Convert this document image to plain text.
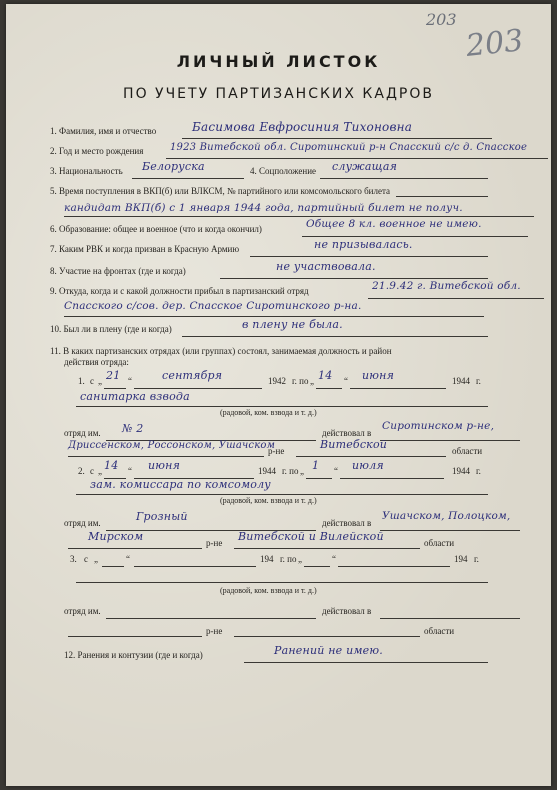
203
203
ЛИЧНЫЙ ЛИСТОК
ПО УЧЕТУ ПАРТИЗАНСКИХ КАДРОВ
1. Фамилия, имя и отчество	Басимова Евфросиния Тихоновна
2. Год и место рождения	1923 Витебской обл. Сиротинский р-н Спасский с/с д. Спасское
3. Национальность Белоруска	4. Соцположение служащая
5. Время поступления в ВКП(б) или ВЛКСМ, № партийного или комсомольского билета
кандидат ВКП(б) с 1 января 1944 года, партийный билет не получ.
6. Образование: общее и военное (что и когда окончил)	Общее 8 кл. военное не имею.
7. Каким РВК и когда призван в Красную Армию	не призывалась.
8. Участие на фронтах (где и когда)	не участвовала.
9. Откуда, когда и с какой должности прибыл в партизанский отряд	21.9.42 г. Витебской обл.
Спасского с/сов. дер. Спасское Сиротинского р-на.
10. Был ли в плену (где и когда)	в плену не была.
11. В каких партизанских отрядах (или группах) состоял, занимаемая должность и район
действия отряда:
1. с „ 21 “	сентября	1942 г. по „ 14 “ июня	1944 г.
санитарка взвода
(радовой, ком. взвода и т. д.)
отряд им. № 2	действовал в
Сиротинском р-не,
Дриссенском, Россонском, Ушачском
р-не	Витебской	области
2. с „ 14 “ июня	1944 г. по „ 1 “ июля	1944 г.
зам. комиссара по комсомолу
(радовой, ком. взвода и т. д.)
отряд им.	Грозный	действовал в
Ушачском, Полоцком,
Мирском	р-не Витебской и Вилейской	области
3. с „	“	194 г. по „	“	194 г.
(радовой, ком. взвода и т. д.)
отряд им.	действовал в
р-не	области
12. Ранения и контузии (где и когда)	Ранений не имею.
